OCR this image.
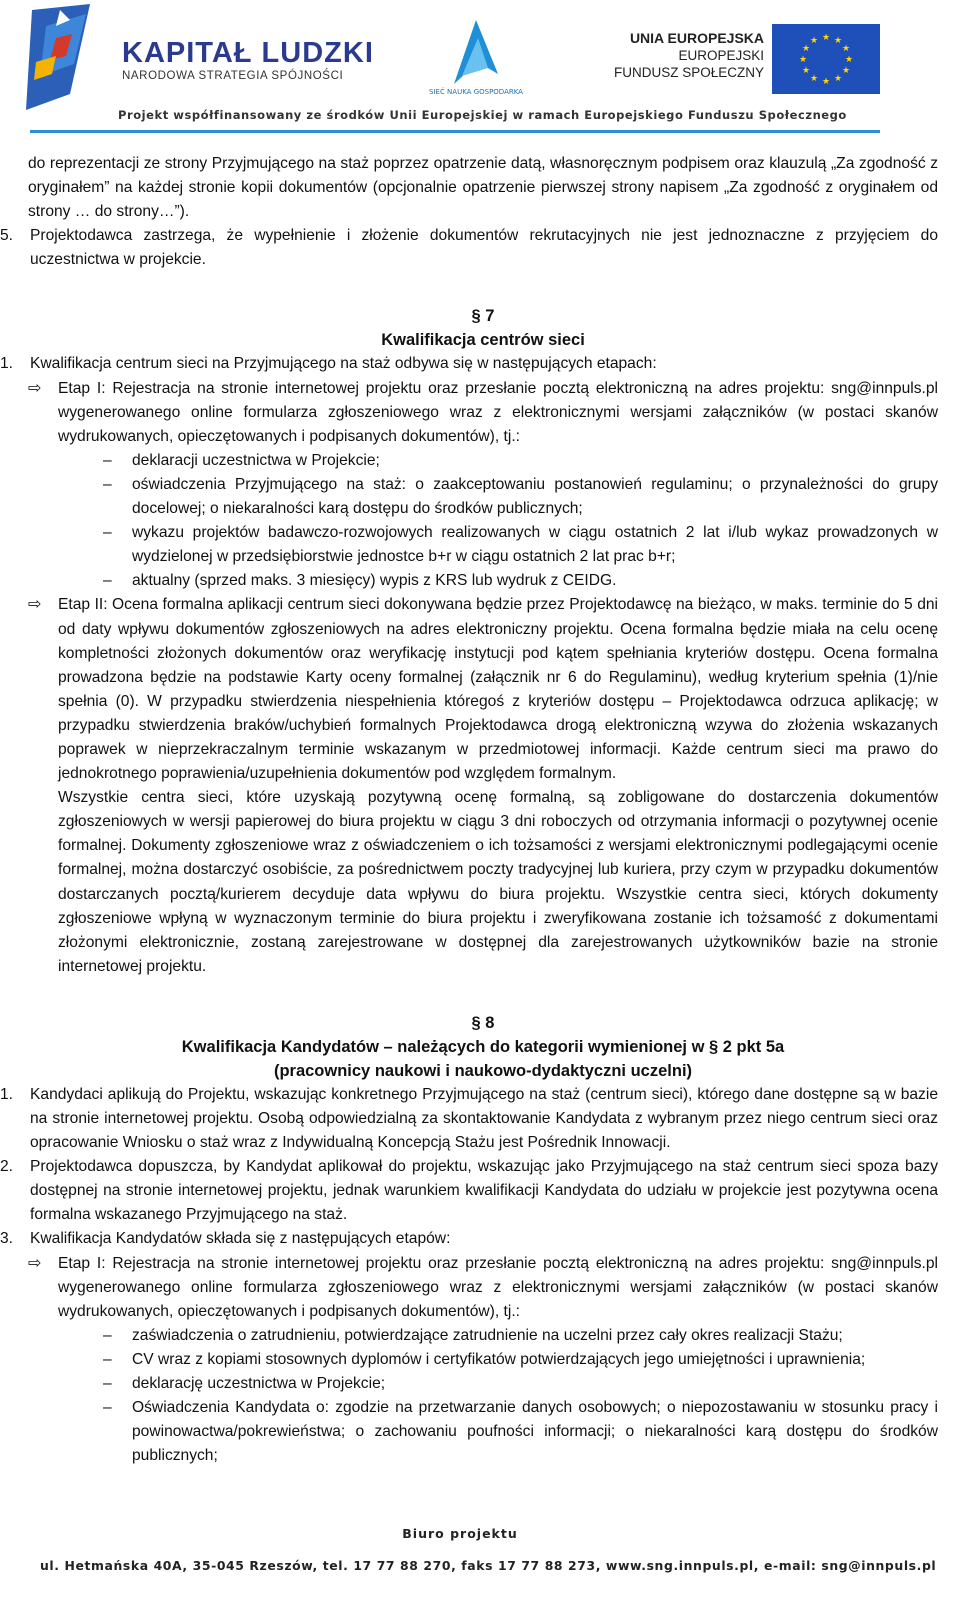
KAPITAŁ LUDZKI
NARODOWA STRATEGIA SPÓJNOŚCI
SIEĆ NAUKA GOSPODARKA
UNIA EUROPEJSKA
EUROPEJSKI
FUNDUSZ SPOŁECZNY
★ ★
★
★
★
★
★
★
★
★
★
★
Projekt współfinansowany ze środków Unii Europejskiej w ramach Europejskiego Funduszu Społecznego

do reprezentacji ze strony Przyjmującego na staż poprzez opatrzenie datą, własnoręcznym podpisem oraz klauzulą „Za zgodność z oryginałem” na każdej stronie kopii dokumentów (opcjonalnie opatrzenie pierwszej strony napisem „Za zgodność z oryginałem od strony … do strony…”).

5.	Projektodawca zastrzega, że wypełnienie i złożenie dokumentów rekrutacyjnych nie jest jednoznaczne z przyjęciem do uczestnictwa w projekcie.
§ 7
Kwalifikacja centrów sieci
1.	Kwalifikacja centrum sieci na Przyjmującego na staż odbywa się w następujących etapach:
⇨	Etap I: Rejestracja na stronie internetowej projektu oraz przesłanie pocztą elektroniczną na adres projektu: sng@innpuls.pl wygenerowanego online formularza zgłoszeniowego wraz z elektronicznymi wersjami załączników (w postaci skanów wydrukowanych, opieczętowanych i podpisanych dokumentów), tj.:
–	deklaracji uczestnictwa w Projekcie;
–	oświadczenia Przyjmującego na staż: o zaakceptowaniu postanowień regulaminu; o przynależności do grupy docelowej; o niekaralności karą dostępu do środków publicznych;
–	wykazu projektów badawczo-rozwojowych realizowanych w ciągu ostatnich 2 lat i/lub wykaz prowadzonych w wydzielonej w przedsiębiorstwie jednostce b+r w ciągu ostatnich 2 lat prac b+r;
–	aktualny (sprzed maks. 3 miesięcy) wypis z KRS lub wydruk z CEIDG.
⇨	Etap II: Ocena formalna aplikacji centrum sieci dokonywana będzie przez Projektodawcę na bieżąco, w maks. terminie do 5 dni od daty wpływu dokumentów zgłoszeniowych na adres elektroniczny projektu. Ocena formalna będzie miała na celu ocenę kompletności złożonych dokumentów oraz weryfikację instytucji pod kątem spełniania kryteriów dostępu. Ocena formalna prowadzona będzie na podstawie Karty oceny formalnej (załącznik nr 6 do Regulaminu), według kryterium spełnia (1)/nie spełnia (0). W przypadku stwierdzenia niespełnienia któregoś z kryteriów dostępu – Projektodawca odrzuca aplikację; w przypadku stwierdzenia braków/uchybień formalnych Projektodawca drogą elektroniczną wzywa do złożenia wskazanych poprawek w nieprzekraczalnym terminie wskazanym w przedmiotowej informacji. Każde centrum sieci ma prawo do jednokrotnego poprawienia/uzupełnienia dokumentów pod względem formalnym.

Wszystkie centra sieci, które uzyskają pozytywną ocenę formalną, są zobligowane do dostarczenia dokumentów zgłoszeniowych w wersji papierowej do biura projektu w ciągu 3 dni roboczych od otrzymania informacji o pozytywnej ocenie formalnej. Dokumenty zgłoszeniowe wraz z oświadczeniem o ich tożsamości z wersjami elektronicznymi podlegającymi ocenie formalnej, można dostarczyć osobiście, za pośrednictwem poczty tradycyjnej lub kuriera, przy czym w przypadku dokumentów dostarczanych pocztą/kurierem decyduje data wpływu do biura projektu. Wszystkie centra sieci, których dokumenty zgłoszeniowe wpłyną w wyznaczonym terminie do biura projektu i zweryfikowana zostanie ich tożsamość z dokumentami złożonymi elektronicznie, zostaną zarejestrowane w dostępnej dla zarejestrowanych użytkowników bazie na stronie internetowej projektu.

§ 8
Kwalifikacja Kandydatów – należących do kategorii wymienionej w § 2 pkt 5a
(pracownicy naukowi i naukowo-dydaktyczni uczelni)
1.	Kandydaci aplikują do Projektu, wskazując konkretnego Przyjmującego na staż (centrum sieci), którego dane dostępne są w bazie na stronie internetowej projektu. Osobą odpowiedzialną za skontaktowanie Kandydata z wybranym przez niego centrum sieci oraz opracowanie Wniosku o staż wraz z Indywidualną Koncepcją Stażu jest Pośrednik Innowacji.
2.	Projektodawca dopuszcza, by Kandydat aplikował do projektu, wskazując jako Przyjmującego na staż centrum sieci spoza bazy dostępnej na stronie internetowej projektu, jednak warunkiem kwalifikacji Kandydata do udziału w projekcie jest pozytywna ocena formalna wskazanego Przyjmującego na staż.
3.	Kwalifikacja Kandydatów składa się z następujących etapów:
⇨	Etap I: Rejestracja na stronie internetowej projektu oraz przesłanie pocztą elektroniczną na adres projektu: sng@innpuls.pl wygenerowanego online formularza zgłoszeniowego wraz z elektronicznymi wersjami załączników (w postaci skanów wydrukowanych, opieczętowanych i podpisanych dokumentów), tj.:
–	zaświadczenia o zatrudnieniu, potwierdzające zatrudnienie na uczelni przez cały okres realizacji Stażu;
–	CV wraz z kopiami stosownych dyplomów i certyfikatów potwierdzających jego umiejętności i uprawnienia;
–	deklarację uczestnictwa w Projekcie;
–	Oświadczenia Kandydata o: zgodzie na przetwarzanie danych osobowych; o niepozostawaniu w stosunku pracy i powinowactwa/pokrewieństwa; o zachowaniu poufności informacji; o niekaralności karą dostępu do środków publicznych;
Biuro projektu
ul. Hetmańska 40A, 35-045 Rzeszów, tel. 17 77 88 270, faks 17 77 88 273, www.sng.innpuls.pl, e-mail: sng@innpuls.pl
